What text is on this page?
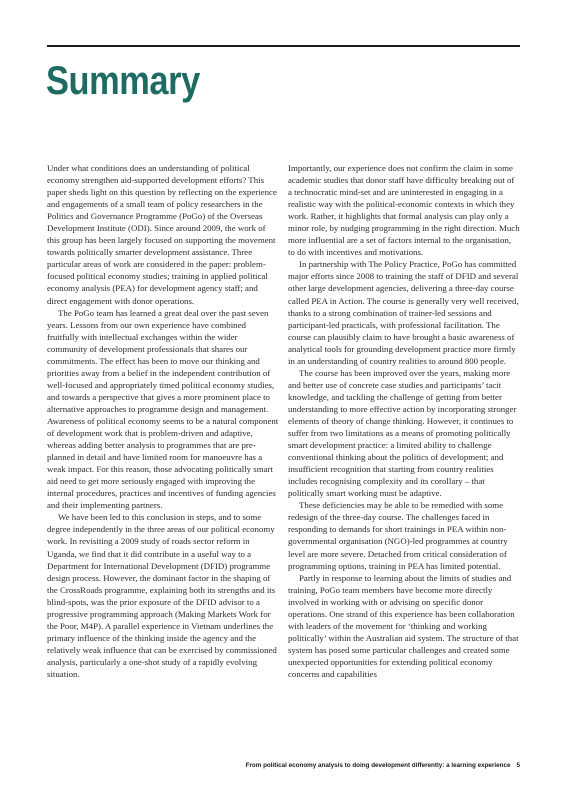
Summary

Under what conditions does an understanding of political economy strengthen aid-supported development efforts? This paper sheds light on this question by reflecting on the experience and engagements of a small team of policy researchers in the Politics and Governance Programme (PoGo) of the Overseas Development Institute (ODI). Since around 2009, the work of this group has been largely focused on supporting the movement towards politically smarter development assistance. Three particular areas of work are considered in the paper: problem-focused political economy studies; training in applied political economy analysis (PEA) for development agency staff; and direct engagement with donor operations.

The PoGo team has learned a great deal over the past seven years. Lessons from our own experience have combined fruitfully with intellectual exchanges within the wider community of development professionals that shares our commitments. The effect has been to move our thinking and priorities away from a belief in the independent contribution of well-focused and appropriately timed political economy studies, and towards a perspective that gives a more prominent place to alternative approaches to programme design and management. Awareness of political economy seems to be a natural component of development work that is problem-driven and adaptive, whereas adding better analysis to programmes that are pre-planned in detail and have limited room for manoeuvre has a weak impact. For this reason, those advocating politically smart aid need to get more seriously engaged with improving the internal procedures, practices and incentives of funding agencies and their implementing partners.

We have been led to this conclusion in steps, and to some degree independently in the three areas of our political economy work. In revisiting a 2009 study of roads sector reform in Uganda, we find that it did contribute in a useful way to a Department for International Development (DFID) programme design process. However, the dominant factor in the shaping of the CrossRoads programme, explaining both its strengths and its blind-spots, was the prior exposure of the DFID advisor to a progressive programming approach (Making Markets Work for the Poor, M4P). A parallel experience in Vietnam underlines the primary influence of the thinking inside the agency and the relatively weak influence that can be exercised by commissioned analysis, particularly a one-shot study of a rapidly evolving situation.

Importantly, our experience does not confirm the claim in some academic studies that donor staff have difficulty breaking out of a technocratic mind-set and are uninterested in engaging in a realistic way with the political-economic contexts in which they work. Rather, it highlights that formal analysis can play only a minor role, by nudging programming in the right direction. Much more influential are a set of factors internal to the organisation, to do with incentives and motivations.

In partnership with The Policy Practice, PoGo has committed major efforts since 2008 to training the staff of DFID and several other large development agencies, delivering a three-day course called PEA in Action. The course is generally very well received, thanks to a strong combination of trainer-led sessions and participant-led practicals, with professional facilitation. The course can plausibly claim to have brought a basic awareness of analytical tools for grounding development practice more firmly in an understanding of country realities to around 800 people.

The course has been improved over the years, making more and better use of concrete case studies and participants’ tacit knowledge, and tackling the challenge of getting from better understanding to more effective action by incorporating stronger elements of theory of change thinking. However, it continues to suffer from two limitations as a means of promoting politically smart development practice: a limited ability to challenge conventional thinking about the politics of development; and insufficient recognition that starting from country realities includes recognising complexity and its corollary – that politically smart working must be adaptive.

These deficiencies may be able to be remedied with some redesign of the three-day course. The challenges faced in responding to demands for short trainings in PEA within non-governmental organisation (NGO)-led programmes at country level are more severe. Detached from critical consideration of programming options, training in PEA has limited potential.

Partly in response to learning about the limits of studies and training, PoGo team members have become more directly involved in working with or advising on specific donor operations. One strand of this experience has been collaboration with leaders of the movement for ‘thinking and working politically’ within the Australian aid system. The structure of that system has posed some particular challenges and created some unexpected opportunities for extending political economy concerns and capabilities

From political economy analysis to doing development differently: a learning experience 5
